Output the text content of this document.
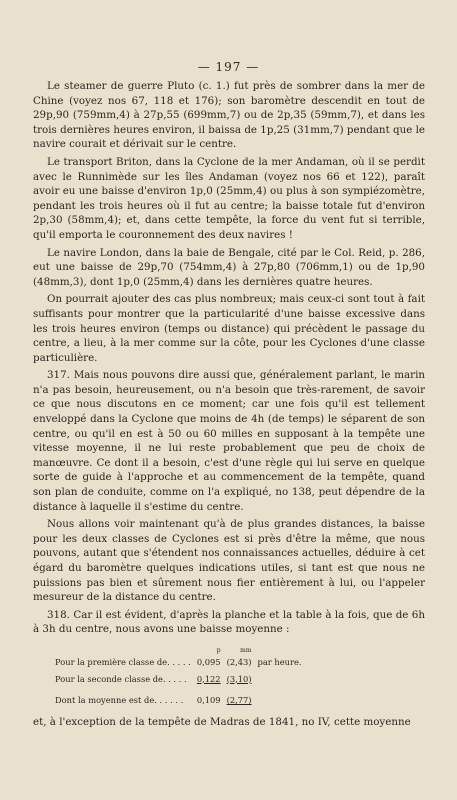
— 197 —

Le steamer de guerre Pluto (c. 1.) fut près de sombrer dans la mer de Chine (voyez nos 67, 118 et 176); son baromètre descendit en tout de 29p,90 (759mm,4) à 27p,55 (699mm,7) ou de 2p,35 (59mm,7), et dans les trois dernières heures environ, il baissa de 1p,25 (31mm,7) pendant que le navire courait et dérivait sur le centre.

Le transport Briton, dans la Cyclone de la mer Andaman, où il se perdit avec le Runnimède sur les îles Andaman (voyez nos 66 et 122), paraît avoir eu une baisse d'environ 1p,0 (25mm,4) ou plus à son sympiézomètre, pendant les trois heures où il fut au centre; la baisse totale fut d'environ 2p,30 (58mm,4); et, dans cette tempête, la force du vent fut si terrible, qu'il emporta le couronnement des deux navires !

Le navire London, dans la baie de Bengale, cité par le Col. Reid, p. 286, eut une baisse de 29p,70 (754mm,4) à 27p,80 (706mm,1) ou de 1p,90 (48mm,3), dont 1p,0 (25mm,4) dans les dernières quatre heures.

On pourrait ajouter des cas plus nombreux; mais ceux-ci sont tout à fait suffisants pour montrer que la particularité d'une baisse excessive dans les trois heures environ (temps ou distance) qui précèdent le passage du centre, a lieu, à la mer comme sur la côte, pour les Cyclones d'une classe particulière.

317. Mais nous pouvons dire aussi que, généralement parlant, le marin n'a pas besoin, heureusement, ou n'a besoin que très-rarement, de savoir ce que nous discutons en ce moment; car une fois qu'il est tellement enveloppé dans la Cyclone que moins de 4h (de temps) le séparent de son centre, ou qu'il en est à 50 ou 60 milles en supposant à la tempête une vitesse moyenne, il ne lui reste probablement que peu de choix de manœuvre. Ce dont il a besoin, c'est d'une règle qui lui serve en quelque sorte de guide à l'approche et au commencement de la tempête, quand son plan de conduite, comme on l'a expliqué, no 138, peut dépendre de la distance à laquelle il s'estime du centre.

Nous allons voir maintenant qu'à de plus grandes distances, la baisse pour les deux classes de Cyclones est si près d'être la même, que nous pouvons, autant que s'étendent nos connaissances actuelles, déduire à cet égard du baromètre quelques indications utiles, si tant est que nous ne puissions pas bien et sûrement nous fier entièrement à lui, ou l'appeler mesureur de la distance du centre.

318. Car il est évident, d'après la planche et la table à la fois, que de 6h à 3h du centre, nous avons une baisse moyenne :

	p	mm	
Pour la première classe de. . . . .	0,095	(2,43)	par heure.
Pour la seconde classe de. . . . .	0,122	(3,10)	
Dont la moyenne est de. . . . . .	0,109	(2,77)	

et, à l'exception de la tempête de Madras de 1841, no IV, cette moyenne
